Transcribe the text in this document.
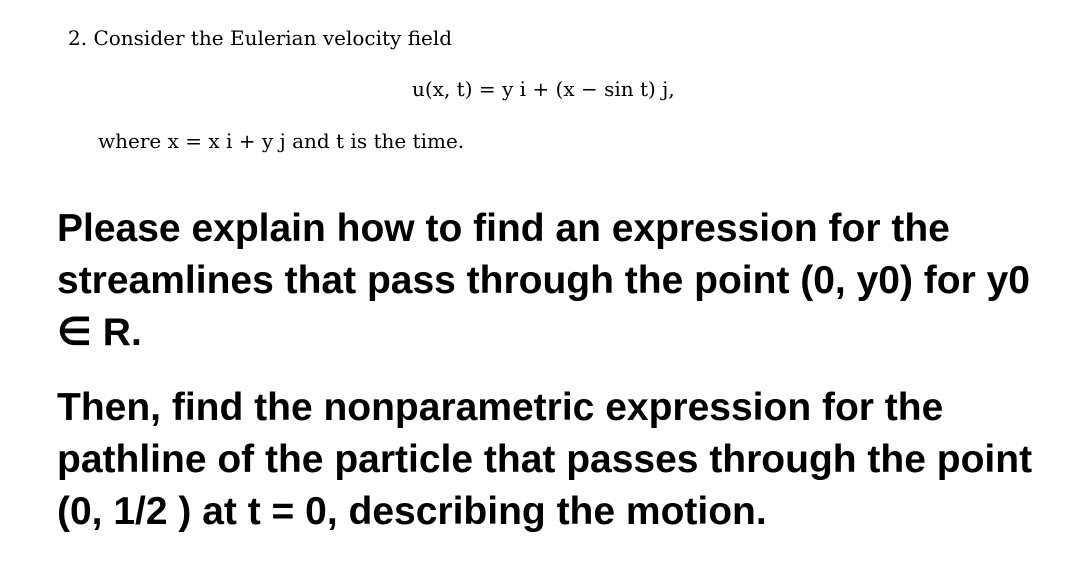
2. Consider the Eulerian velocity field
u(x, t) = y i + (x − sin t) j,
where x = x i + y j and t is the time.

Please explain how to find an expression for the streamlines that pass through the point (0, y0) for y0 ∈ R.

Then, find the nonparametric expression for the pathline of the particle that passes through the point (0, 1/2 ) at t = 0, describing the motion.
